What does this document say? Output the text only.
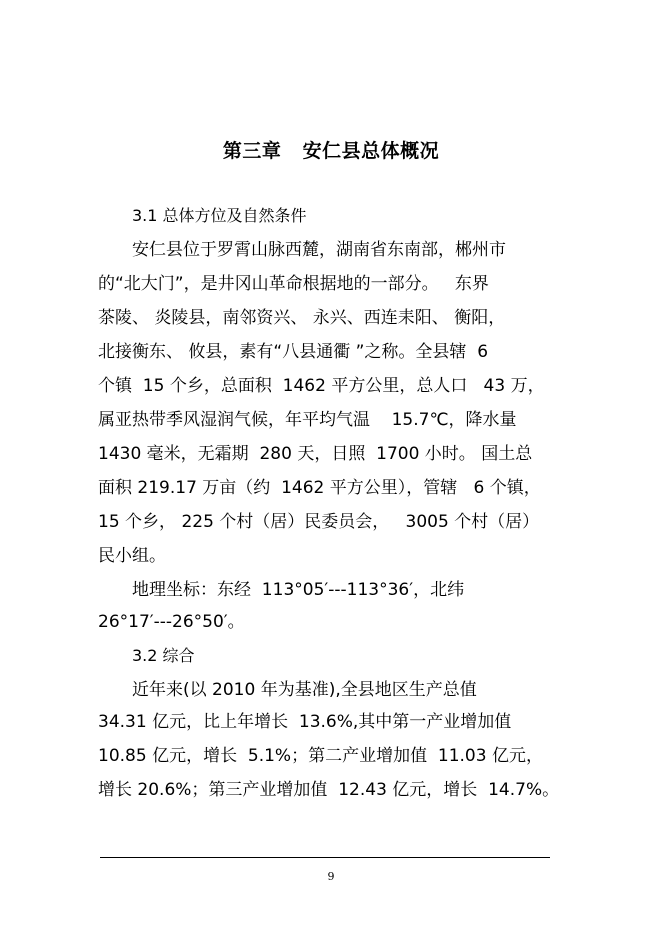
第三章   安仁县总体概况
3.1 总体方位及自然条件
安仁县位于罗霄山脉西麓，湖南省东南部，郴州市
的“北大门”，是井冈山革命根据地的一部分。   东界
茶陵、 炎陵县，南邻资兴、 永兴、西连耒阳、 衡阳，
北接衡东、 攸县，素有“八县通衢 ”之称。全县辖  6
个镇  15 个乡，总面积  1462 平方公里，总人口   43 万，
属亚热带季风湿润气候，年平均气温    15.7℃，降水量
1430 毫米，无霜期  280 天，日照  1700 小时。 国土总
面积 219.17 万亩（约  1462 平方公里），管辖   6 个镇，
15 个乡， 225 个村（居）民委员会，   3005 个村（居）
民小组。
地理坐标：东经  113°05′---113°36′，北纬
26°17′---26°50′。
3.2 综合
近年来(以 2010 年为基准),全县地区生产总值
34.31 亿元，比上年增长  13.6%,其中第一产业增加值
10.85 亿元，增长  5.1%；第二产业增加值  11.03 亿元，
增长 20.6%；第三产业增加值  12.43 亿元，增长  14.7%。
9
